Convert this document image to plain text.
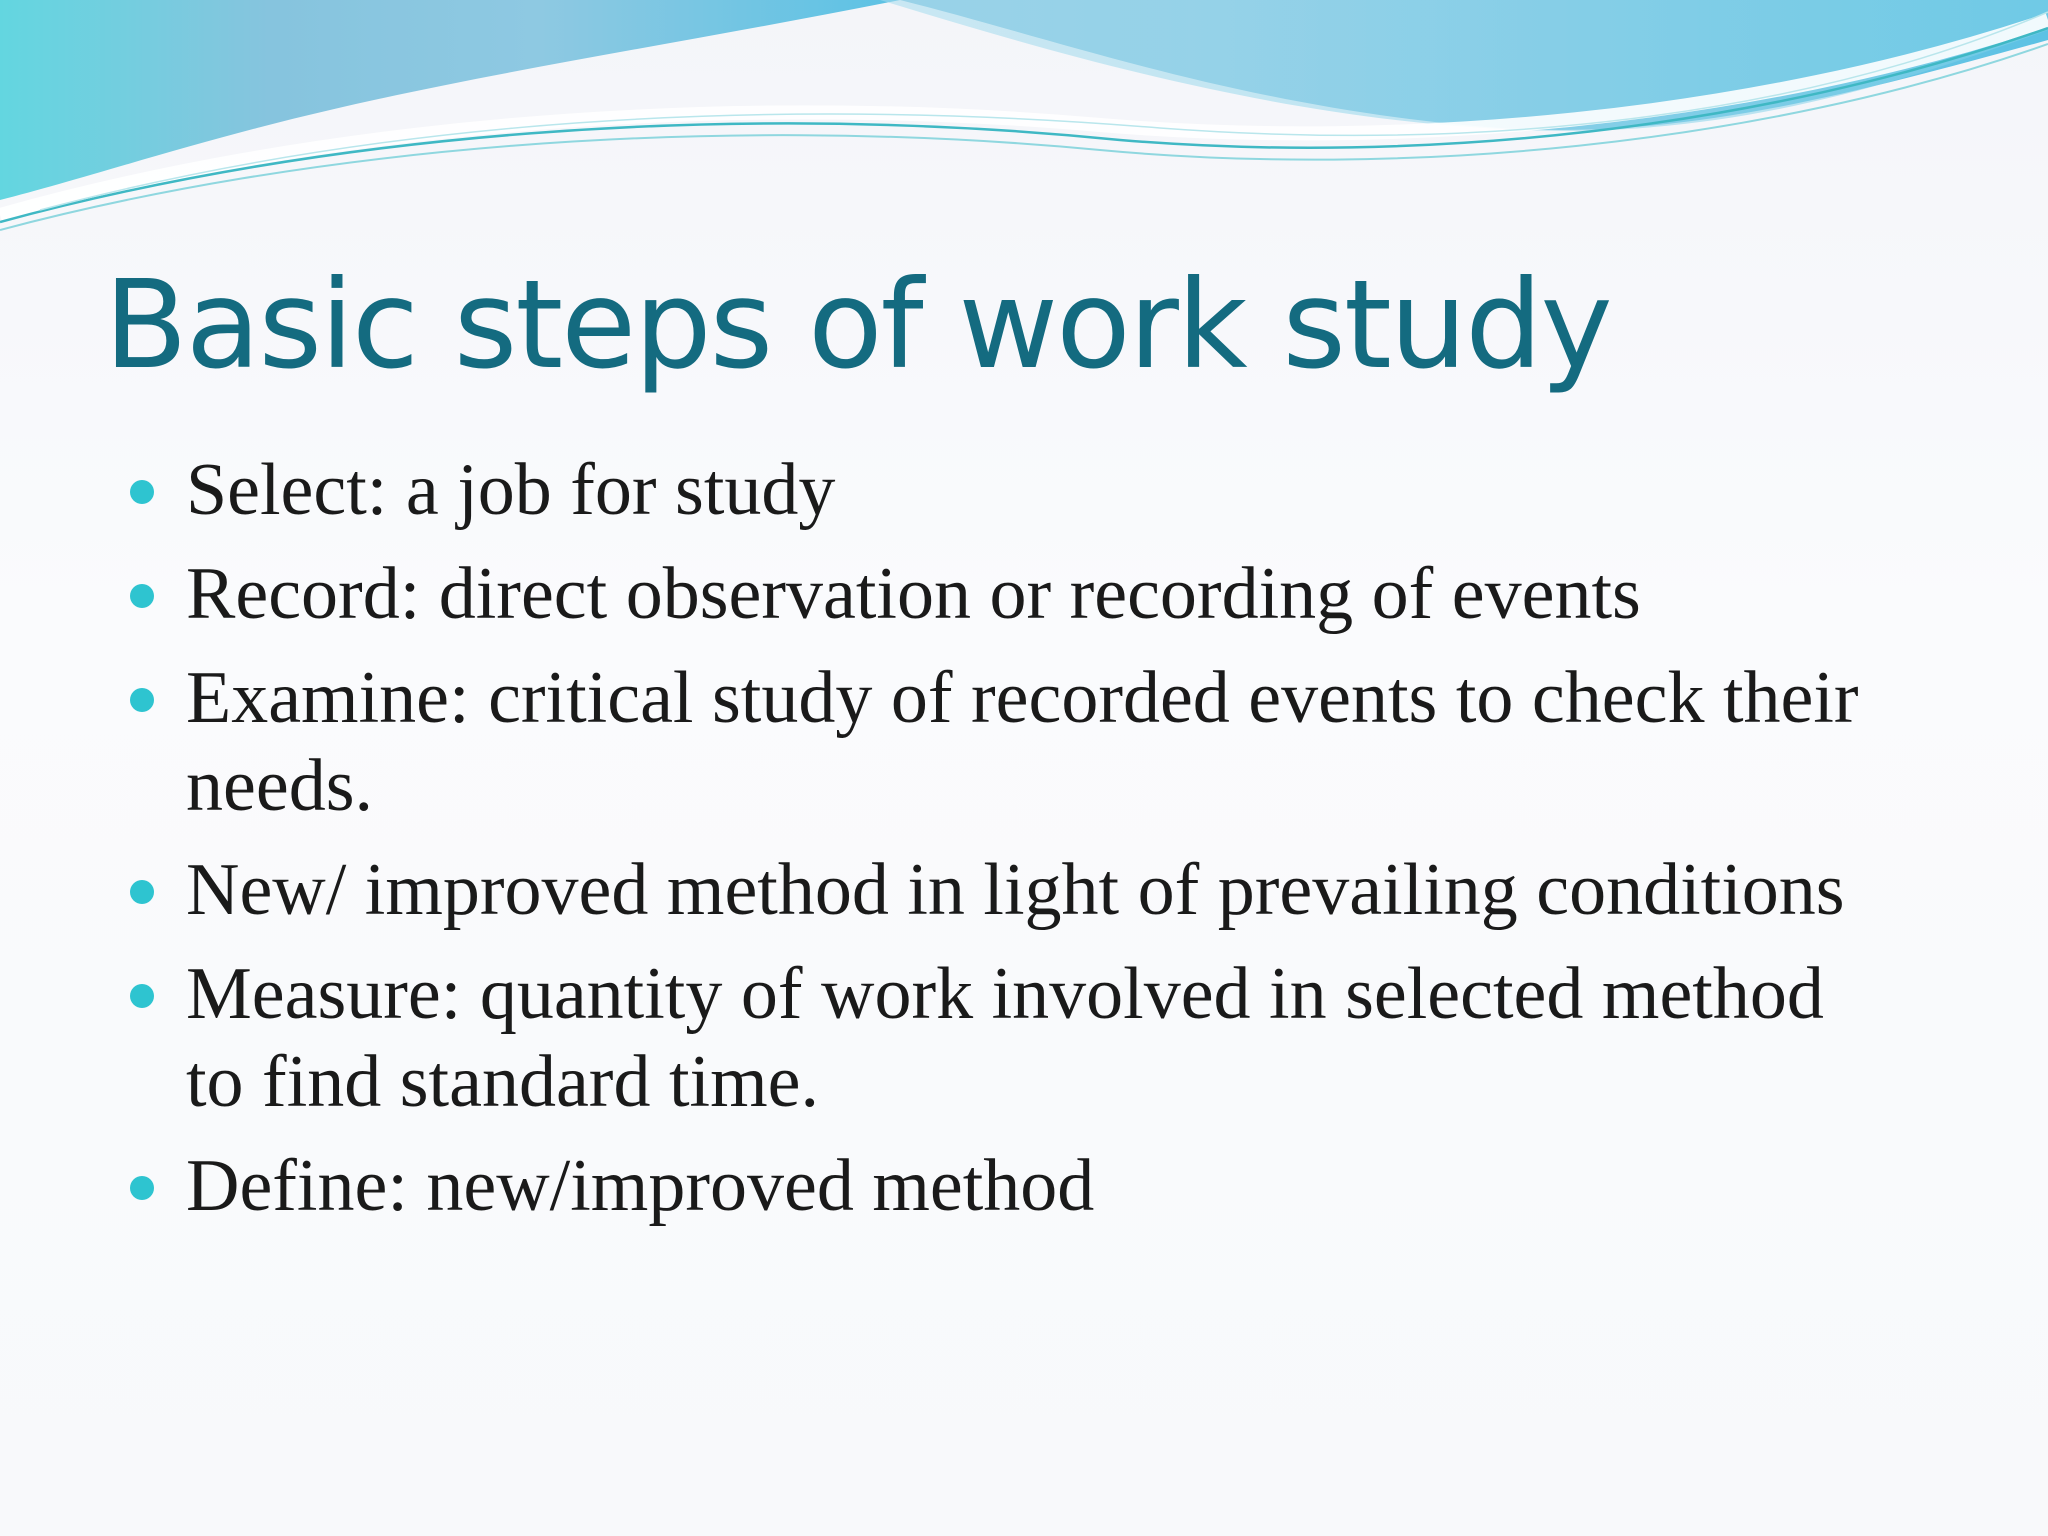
Basic steps of work study
Select: a job for study
Record: direct observation or recording of events
Examine: critical study of recorded events to check their needs.
New/ improved method in light of prevailing conditions
Measure: quantity of work involved in selected method to find standard time.
Define: new/improved method
